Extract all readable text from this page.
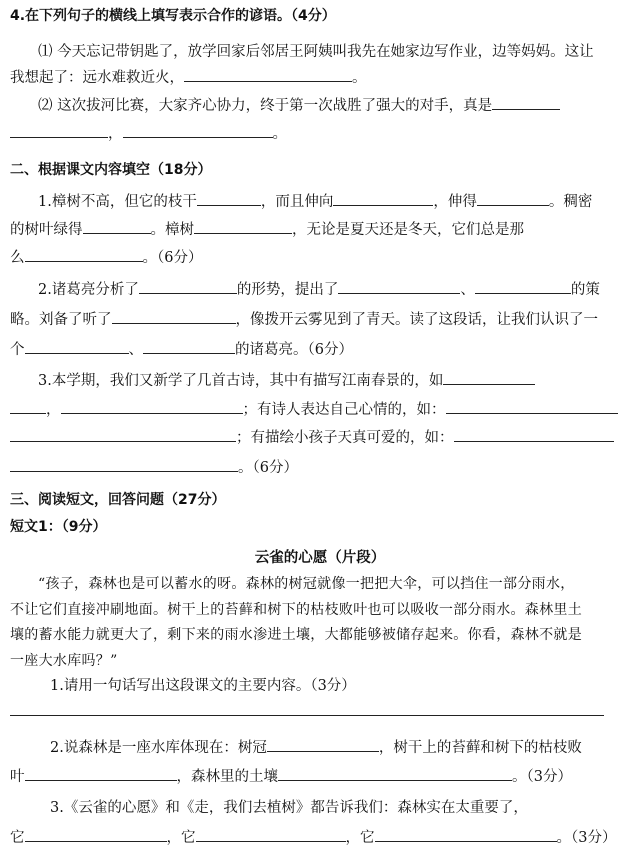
4.在下列句子的横线上填写表示合作的谚语。（4分）
⑴ 今天忘记带钥匙了，放学回家后邻居王阿姨叫我先在她家边写作业，边等妈妈。这让
我想起了：远水难救近火，	。
⑵ 这次拔河比赛，大家齐心协力，终于第一次战胜了强大的对手，真是
，	。
二、根据课文内容填空（18分）
1.樟树不高，但它的枝干	，而且伸向	，伸得	。稠密
的树叶绿得	。樟树	，无论是夏天还是冬天，它们总是那
么	。（6分）
2.诸葛亮分析了	的形势，提出了	、	的策
略。刘备了听了	，像拨开云雾见到了青天。读了这段话，让我们认识了一
个	、	的诸葛亮。（6分）
3.本学期，我们又新学了几首古诗，其中有描写江南春景的，如
，	；有诗人表达自己心情的，如：
；有描绘小孩子天真可爱的，如：
。（6分）
三、阅读短文，回答问题（27分）
短文1：（9分）
云雀的心愿（片段）
“孩子，森林也是可以蓄水的呀。森林的树冠就像一把把大伞，可以挡住一部分雨水，
不让它们直接冲刷地面。树干上的苔藓和树下的枯枝败叶也可以吸收一部分雨水。森林里土
壤的蓄水能力就更大了，剩下来的雨水渗进土壤，大都能够被储存起来。你看，森林不就是
一座大水库吗？”
1.请用一句话写出这段课文的主要内容。（3分）
2.说森林是一座水库体现在：树冠	，树干上的苔藓和树下的枯枝败
叶	，森林里的土壤	。（3分）
3.《云雀的心愿》和《走，我们去植树》都告诉我们：森林实在太重要了，
它	，它	，它	。（3分）
